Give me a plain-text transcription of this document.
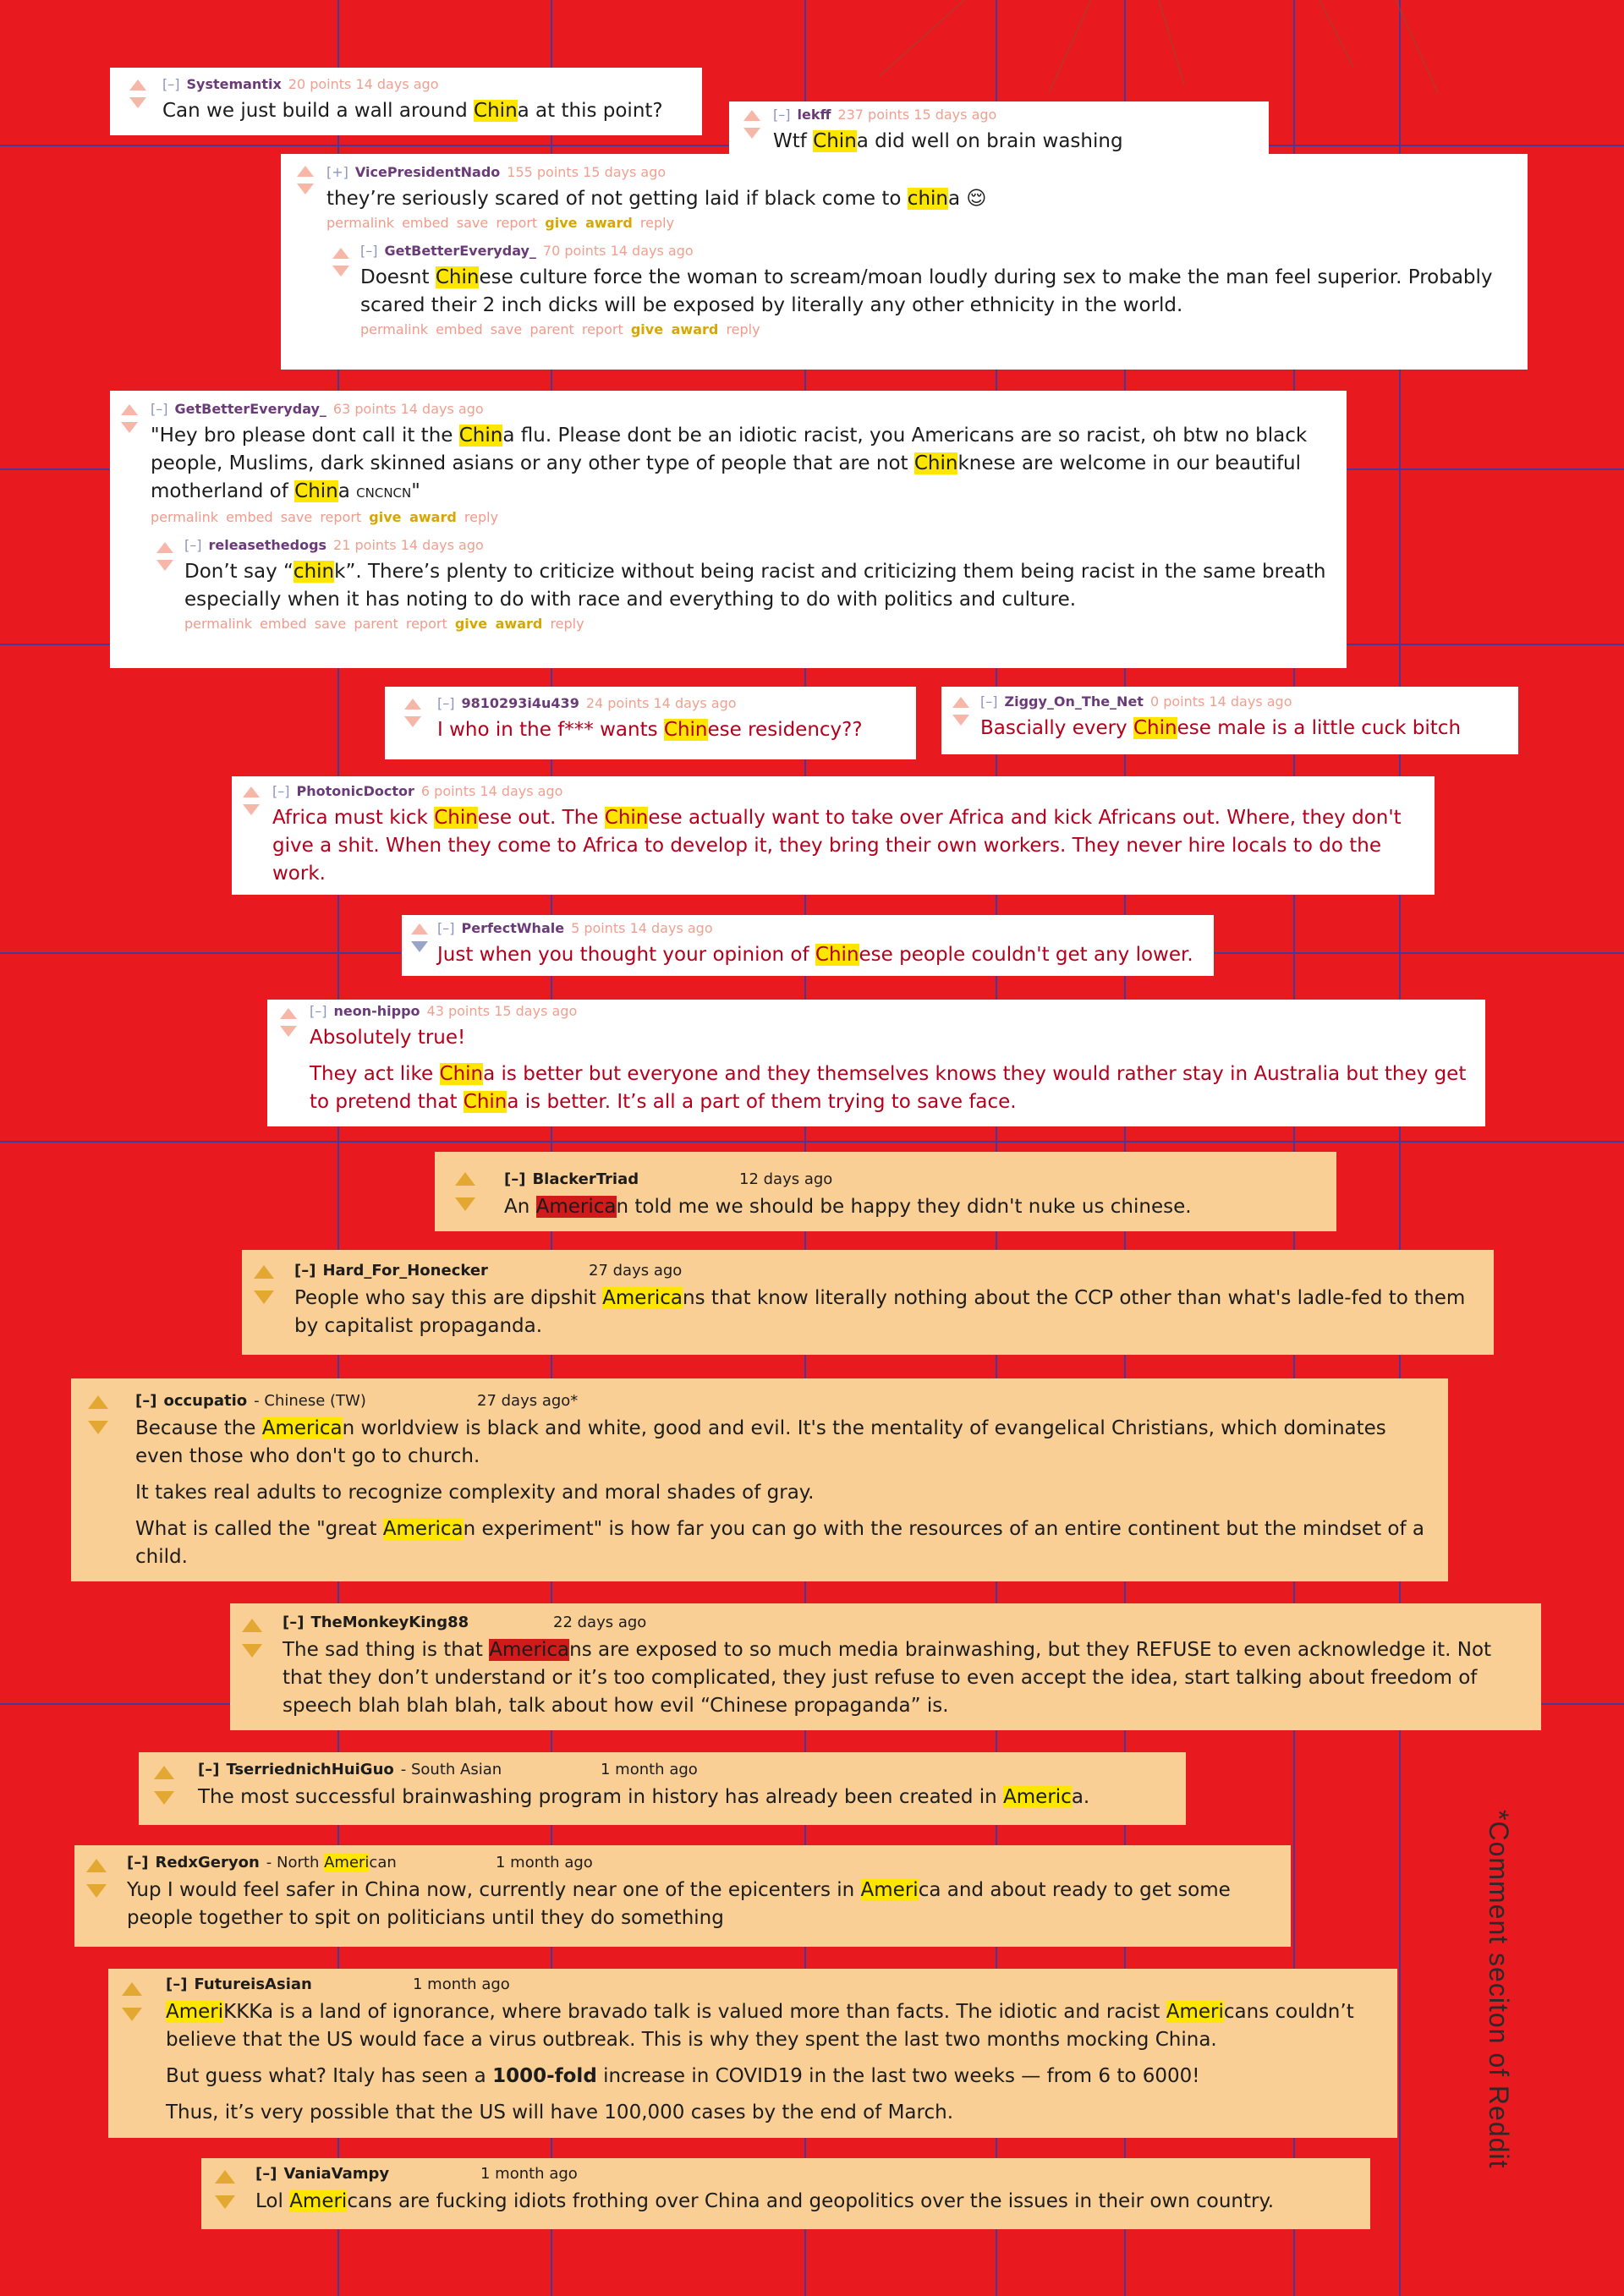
[–] Systemantix 20 points 14 days ago
Can we just build a wall around China at this point?	[–] lekff 237 points 15 days ago
Wtf China did well on brain washing
[+] VicePresidentNado 155 points 15 days ago
they’re seriously scared of not getting laid if black come to china 😌
permalink embed save report give award reply
[–] GetBetterEveryday_ 70 points 14 days ago
Doesnt Chinese culture force the woman to scream/moan loudly during sex to make the man feel superior. Probably scared their 2 inch dicks will be exposed by literally any other ethnicity in the world.
permalink embed save parent report give award reply
[–] GetBetterEveryday_ 63 points 14 days ago
"Hey bro please dont call it the China flu. Please dont be an idiotic racist, you Americans are so racist, oh btw no black people, Muslims, dark skinned asians or any other type of people that are not Chinknese are welcome in our beautiful motherland of China CNCNCN"
permalink embed save report give award reply
[–] releasethedogs 21 points 14 days ago
Don’t say “chink”. There’s plenty to criticize without being racist and criticizing them being racist in the same breath especially when it has noting to do with race and everything to do with politics and culture.
permalink embed save parent report give award reply
[–] 9810293i4u439 24 points 14 days ago
I who in the f*** wants Chinese residency??
[–] Ziggy_On_The_Net 0 points 14 days ago
Bascially every Chinese male is a little cuck bitch
[–] PhotonicDoctor 6 points 14 days ago
Africa must kick Chinese out. The Chinese actually want to take over Africa and kick Africans out. Where, they don't give a shit. When they come to Africa to develop it, they bring their own workers. They never hire locals to do the work.
[–] PerfectWhale 5 points 14 days ago
Just when you thought your opinion of Chinese people couldn't get any lower.
[–] neon-hippo 43 points 15 days ago

Absolutely true!

They act like China is better but everyone and they themselves knows they would rather stay in Australia but they get to pretend that China is better. It’s all a part of them trying to save face.

[–] BlackerTriad	12 days ago
An American told me we should be happy they didn't nuke us chinese.
[–] Hard_For_Honecker	27 days ago
People who say this are dipshit Americans that know literally nothing about the CCP other than what's ladle-fed to them by capitalist propaganda.
[–] occupatio - Chinese (TW)	27 days ago*

Because the American worldview is black and white, good and evil. It's the mentality of evangelical Christians, which dominates even those who don't go to church.

It takes real adults to recognize complexity and moral shades of gray.

What is called the "great American experiment" is how far you can go with the resources of an entire continent but the mindset of a child.

[–] TheMonkeyKing88	22 days ago
The sad thing is that Americans are exposed to so much media brainwashing, but they REFUSE to even acknowledge it. Not that they don’t understand or it’s too complicated, they just refuse to even accept the idea, start talking about freedom of speech blah blah blah, talk about how evil “Chinese propaganda” is.
[–] TserriednichHuiGuo - South Asian	1 month ago
The most successful brainwashing program in history has already been created in America.
[–] RedxGeryon - North American	1 month ago
Yup I would feel safer in China now, currently near one of the epicenters in America and about ready to get some people together to spit on politicians until they do something
[–] FutureisAsian	1 month ago

AmeriKKKa is a land of ignorance, where bravado talk is valued more than facts. The idiotic and racist Americans couldn’t believe that the US would face a virus outbreak. This is why they spent the last two months mocking China.

But guess what? Italy has seen a 1000-fold increase in COVID19 in the last two weeks — from 6 to 6000!

Thus, it’s very possible that the US will have 100,000 cases by the end of March.

[–] VaniaVampy	1 month ago
Lol Americans are fucking idiots frothing over China and geopolitics over the issues in their own country.
*Comment seciton of Reddit
